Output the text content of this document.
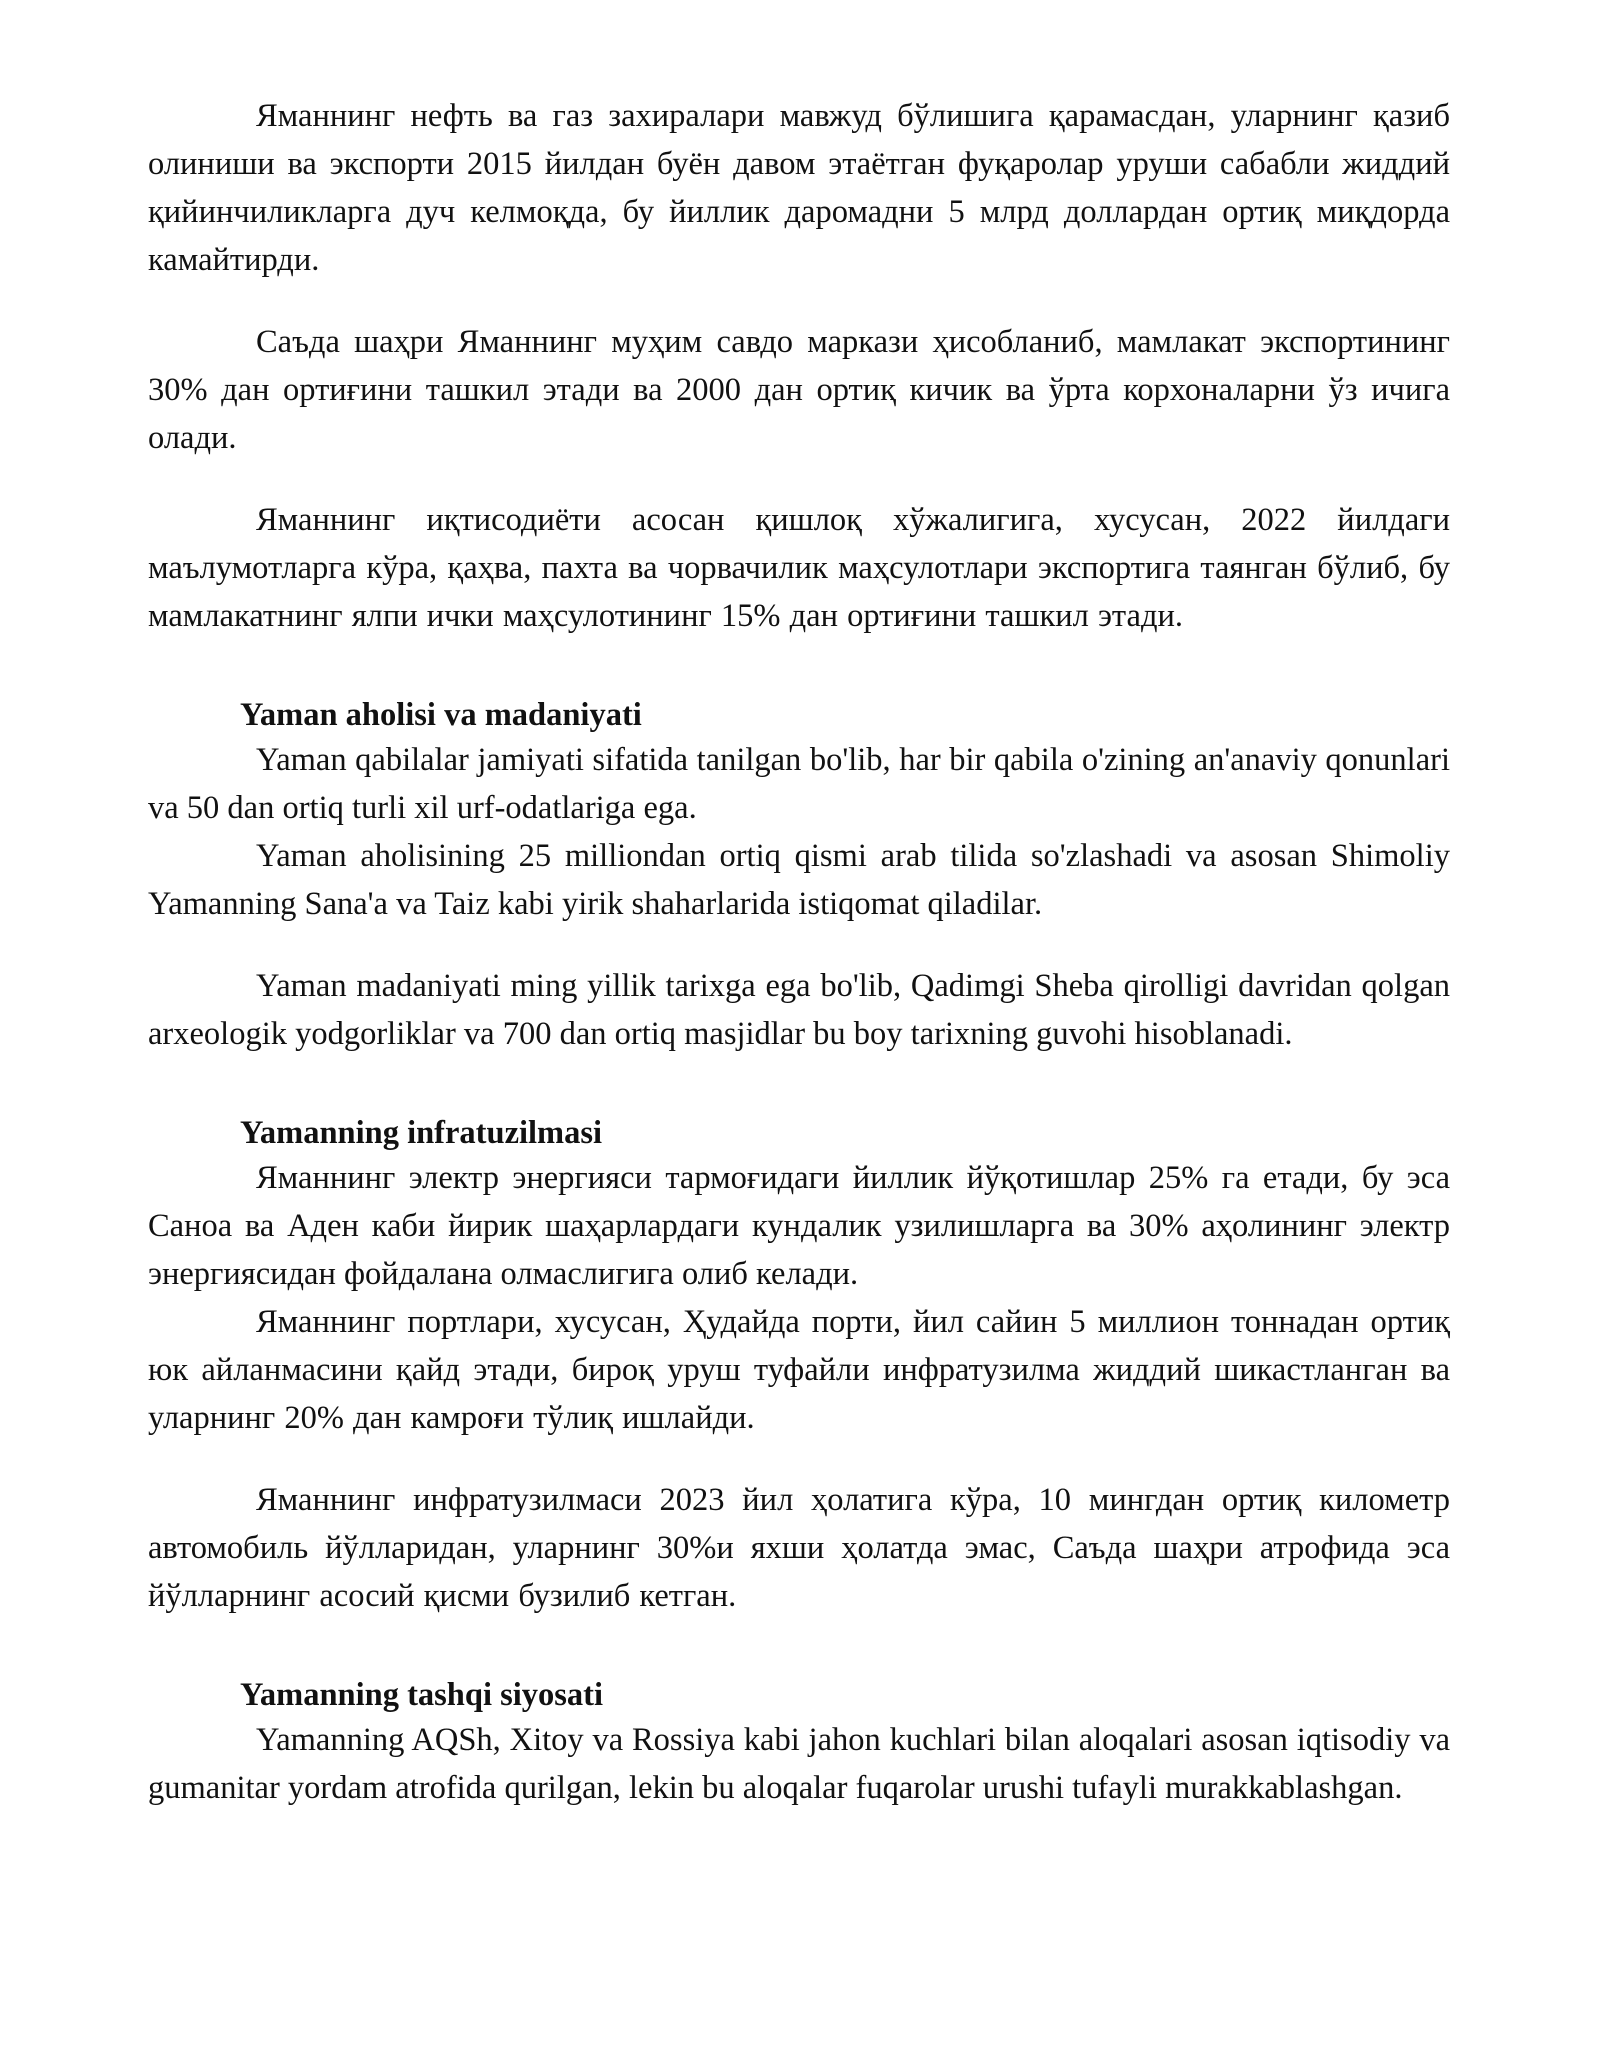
Яманнинг нефть ва газ захиралари мавжуд бўлишига қарамасдан, уларнинг қазиб олиниши ва экспорти 2015 йилдан буён давом этаётган фуқаролар уруши сабабли жиддий қийинчиликларга дуч келмоқда, бу йиллик даромадни 5 млрд доллардан ортиқ миқдорда камайтирди.

Саъда шаҳри Яманнинг муҳим савдо маркази ҳисобланиб, мамлакат экспортининг 30% дан ортиғини ташкил этади ва 2000 дан ортиқ кичик ва ўрта корхоналарни ўз ичига олади.

Яманнинг иқтисодиёти асосан қишлоқ хўжалигига, хусусан, 2022 йилдаги маълумотларга кўра, қаҳва, пахта ва чорвачилик маҳсулотлари экспортига таянган бўлиб, бу мамлакатнинг ялпи ички маҳсулотининг 15% дан ортиғини ташкил этади.

Yaman aholisi va madaniyati

Yaman qabilalar jamiyati sifatida tanilgan bo'lib, har bir qabila o'zining an'anaviy qonunlari va 50 dan ortiq turli xil urf-odatlariga ega.

Yaman aholisining 25 milliondan ortiq qismi arab tilida so'zlashadi va asosan Shimoliy Yamanning Sana'a va Taiz kabi yirik shaharlarida istiqomat qiladilar.

Yaman madaniyati ming yillik tarixga ega bo'lib, Qadimgi Sheba qirolligi davridan qolgan arxeologik yodgorliklar va 700 dan ortiq masjidlar bu boy tarixning guvohi hisoblanadi.

Yamanning infratuzilmasi

Яманнинг электр энергияси тармоғидаги йиллик йўқотишлар 25% га етади, бу эса Саноа ва Аден каби йирик шаҳарлардаги кундалик узилишларга ва 30% аҳолининг электр энергиясидан фойдалана олмаслигига олиб келади.

Яманнинг портлари, хусусан, Ҳудайда порти, йил сайин 5 миллион тоннадан ортиқ юк айланмасини қайд этади, бироқ уруш туфайли инфратузилма жиддий шикастланган ва уларнинг 20% дан камроғи тўлиқ ишлайди.

Яманнинг инфратузилмаси 2023 йил ҳолатига кўра, 10 мингдан ортиқ километр автомобиль йўлларидан, уларнинг 30%и яхши ҳолатда эмас, Саъда шаҳри атрофида эса йўлларнинг асосий қисми бузилиб кетган.

Yamanning tashqi siyosati

Yamanning AQSh, Xitoy va Rossiya kabi jahon kuchlari bilan aloqalari asosan iqtisodiy va gumanitar yordam atrofida qurilgan, lekin bu aloqalar fuqarolar urushi tufayli murakkablashgan.
